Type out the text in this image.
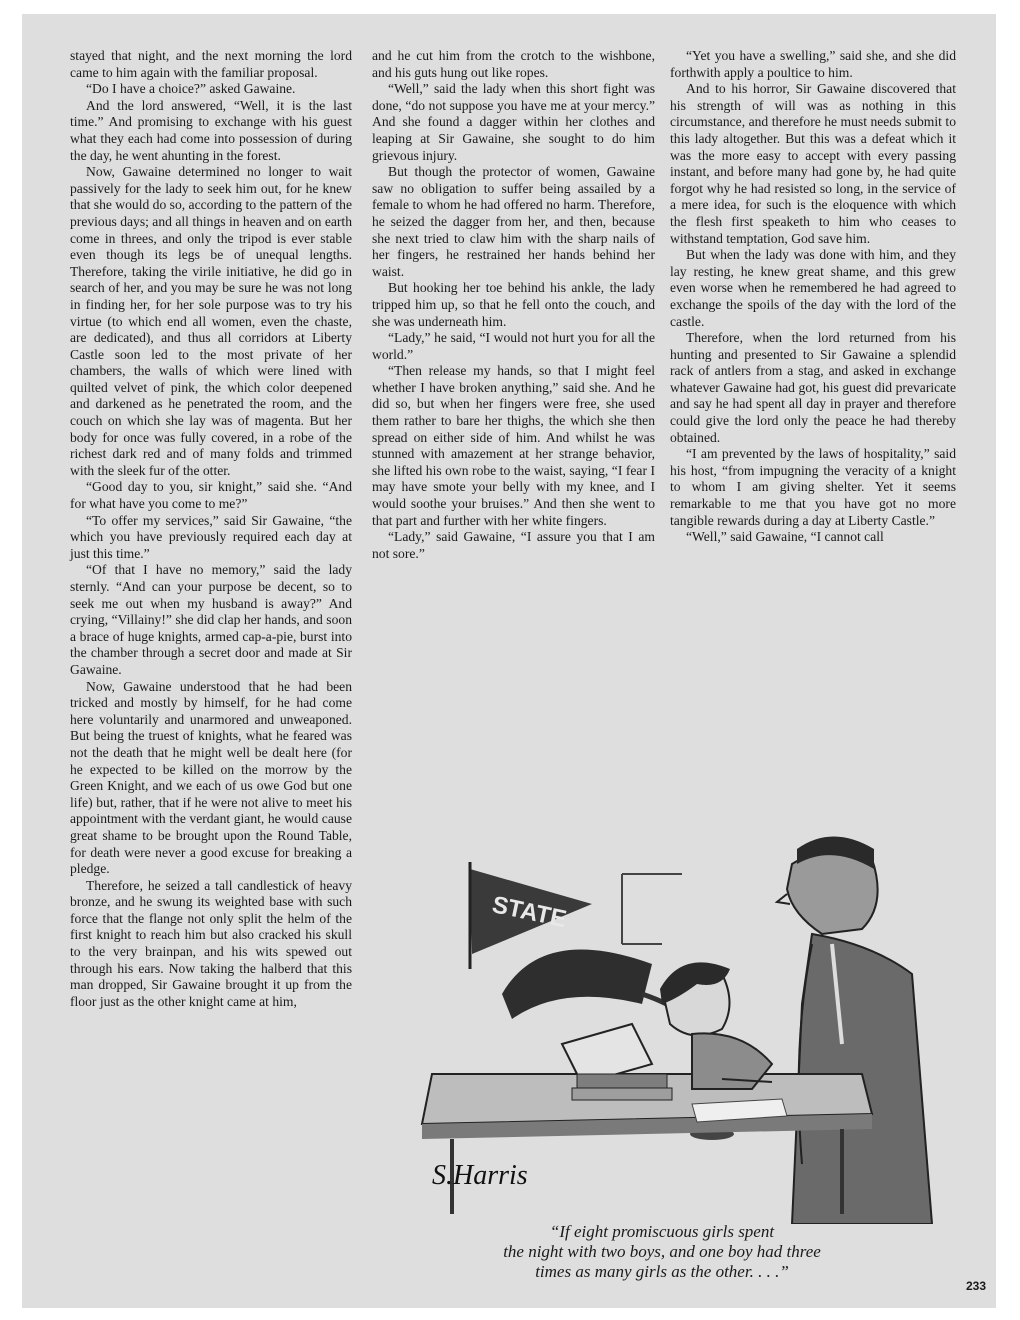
stayed that night, and the next morning the lord came to him again with the familiar proposal.

“Do I have a choice?” asked Gawaine.

And the lord answered, “Well, it is the last time.” And promising to exchange with his guest what they each had come into possession of during the day, he went ahunting in the forest.

Now, Gawaine determined no longer to wait passively for the lady to seek him out, for he knew that she would do so, according to the pattern of the previous days; and all things in heaven and on earth come in threes, and only the tripod is ever stable even though its legs be of unequal lengths. Therefore, taking the virile initiative, he did go in search of her, and you may be sure he was not long in finding her, for her sole purpose was to try his virtue (to which end all women, even the chaste, are dedicated), and thus all corridors at Liberty Castle soon led to the most private of her chambers, the walls of which were lined with quilted velvet of pink, the which color deepened and darkened as he penetrated the room, and the couch on which she lay was of magenta. But her body for once was fully covered, in a robe of the richest dark red and of many folds and trimmed with the sleek fur of the otter.

“Good day to you, sir knight,” said she. “And for what have you come to me?”

“To offer my services,” said Sir Gawaine, “the which you have previously required each day at just this time.”

“Of that I have no memory,” said the lady sternly. “And can your purpose be decent, so to seek me out when my husband is away?” And crying, “Villainy!” she did clap her hands, and soon a brace of huge knights, armed cap-a-pie, burst into the chamber through a secret door and made at Sir Gawaine.

Now, Gawaine understood that he had been tricked and mostly by himself, for he had come here voluntarily and unarmored and unweaponed. But being the truest of knights, what he feared was not the death that he might well be dealt here (for he expected to be killed on the morrow by the Green Knight, and we each of us owe God but one life) but, rather, that if he were not alive to meet his appointment with the verdant giant, he would cause great shame to be brought upon the Round Table, for death were never a good excuse for breaking a pledge.

Therefore, he seized a tall candlestick of heavy bronze, and he swung its weighted base with such force that the flange not only split the helm of the first knight to reach him but also cracked his skull to the very brainpan, and his wits spewed out through his ears. Now taking the halberd that this man dropped, Sir Gawaine brought it up from the floor just as the other knight came at him,

and he cut him from the crotch to the wishbone, and his guts hung out like ropes.

“Well,” said the lady when this short fight was done, “do not suppose you have me at your mercy.” And she found a dagger within her clothes and leaping at Sir Gawaine, she sought to do him grievous injury.

But though the protector of women, Gawaine saw no obligation to suffer being assailed by a female to whom he had offered no harm. Therefore, he seized the dagger from her, and then, because she next tried to claw him with the sharp nails of her fingers, he restrained her hands behind her waist.

But hooking her toe behind his ankle, the lady tripped him up, so that he fell onto the couch, and she was underneath him.

“Lady,” he said, “I would not hurt you for all the world.”

“Then release my hands, so that I might feel whether I have broken anything,” said she. And he did so, but when her fingers were free, she used them rather to bare her thighs, the which she then spread on either side of him. And whilst he was stunned with amazement at her strange behavior, she lifted his own robe to the waist, saying, “I fear I may have smote your belly with my knee, and I would soothe your bruises.” And then she went to that part and further with her white fingers.

“Lady,” said Gawaine, “I assure you that I am not sore.”

“Yet you have a swelling,” said she, and she did forthwith apply a poultice to him.

And to his horror, Sir Gawaine discovered that his strength of will was as nothing in this circumstance, and therefore he must needs submit to this lady altogether. But this was a defeat which it was the more easy to accept with every passing instant, and before many had gone by, he had quite forgot why he had resisted so long, in the service of a mere idea, for such is the eloquence with which the flesh first speaketh to him who ceases to withstand temptation, God save him.

But when the lady was done with him, and they lay resting, he knew great shame, and this grew even worse when he remembered he had agreed to exchange the spoils of the day with the lord of the castle.

Therefore, when the lord returned from his hunting and presented to Sir Gawaine a splendid rack of antlers from a stag, and asked in exchange whatever Gawaine had got, his guest did prevaricate and say he had spent all day in prayer and therefore could give the lord only the peace he had thereby obtained.

“I am prevented by the laws of hospitality,” said his host, “from impugning the veracity of a knight to whom I am giving shelter. Yet it seems remarkable to me that you have got no more tangible rewards during a day at Liberty Castle.”

“Well,” said Gawaine, “I cannot call

STATE
S.Harris
“If eight promiscuous girls spent
the night with two boys, and one boy had three
times as many girls as the other. . . .”
233
